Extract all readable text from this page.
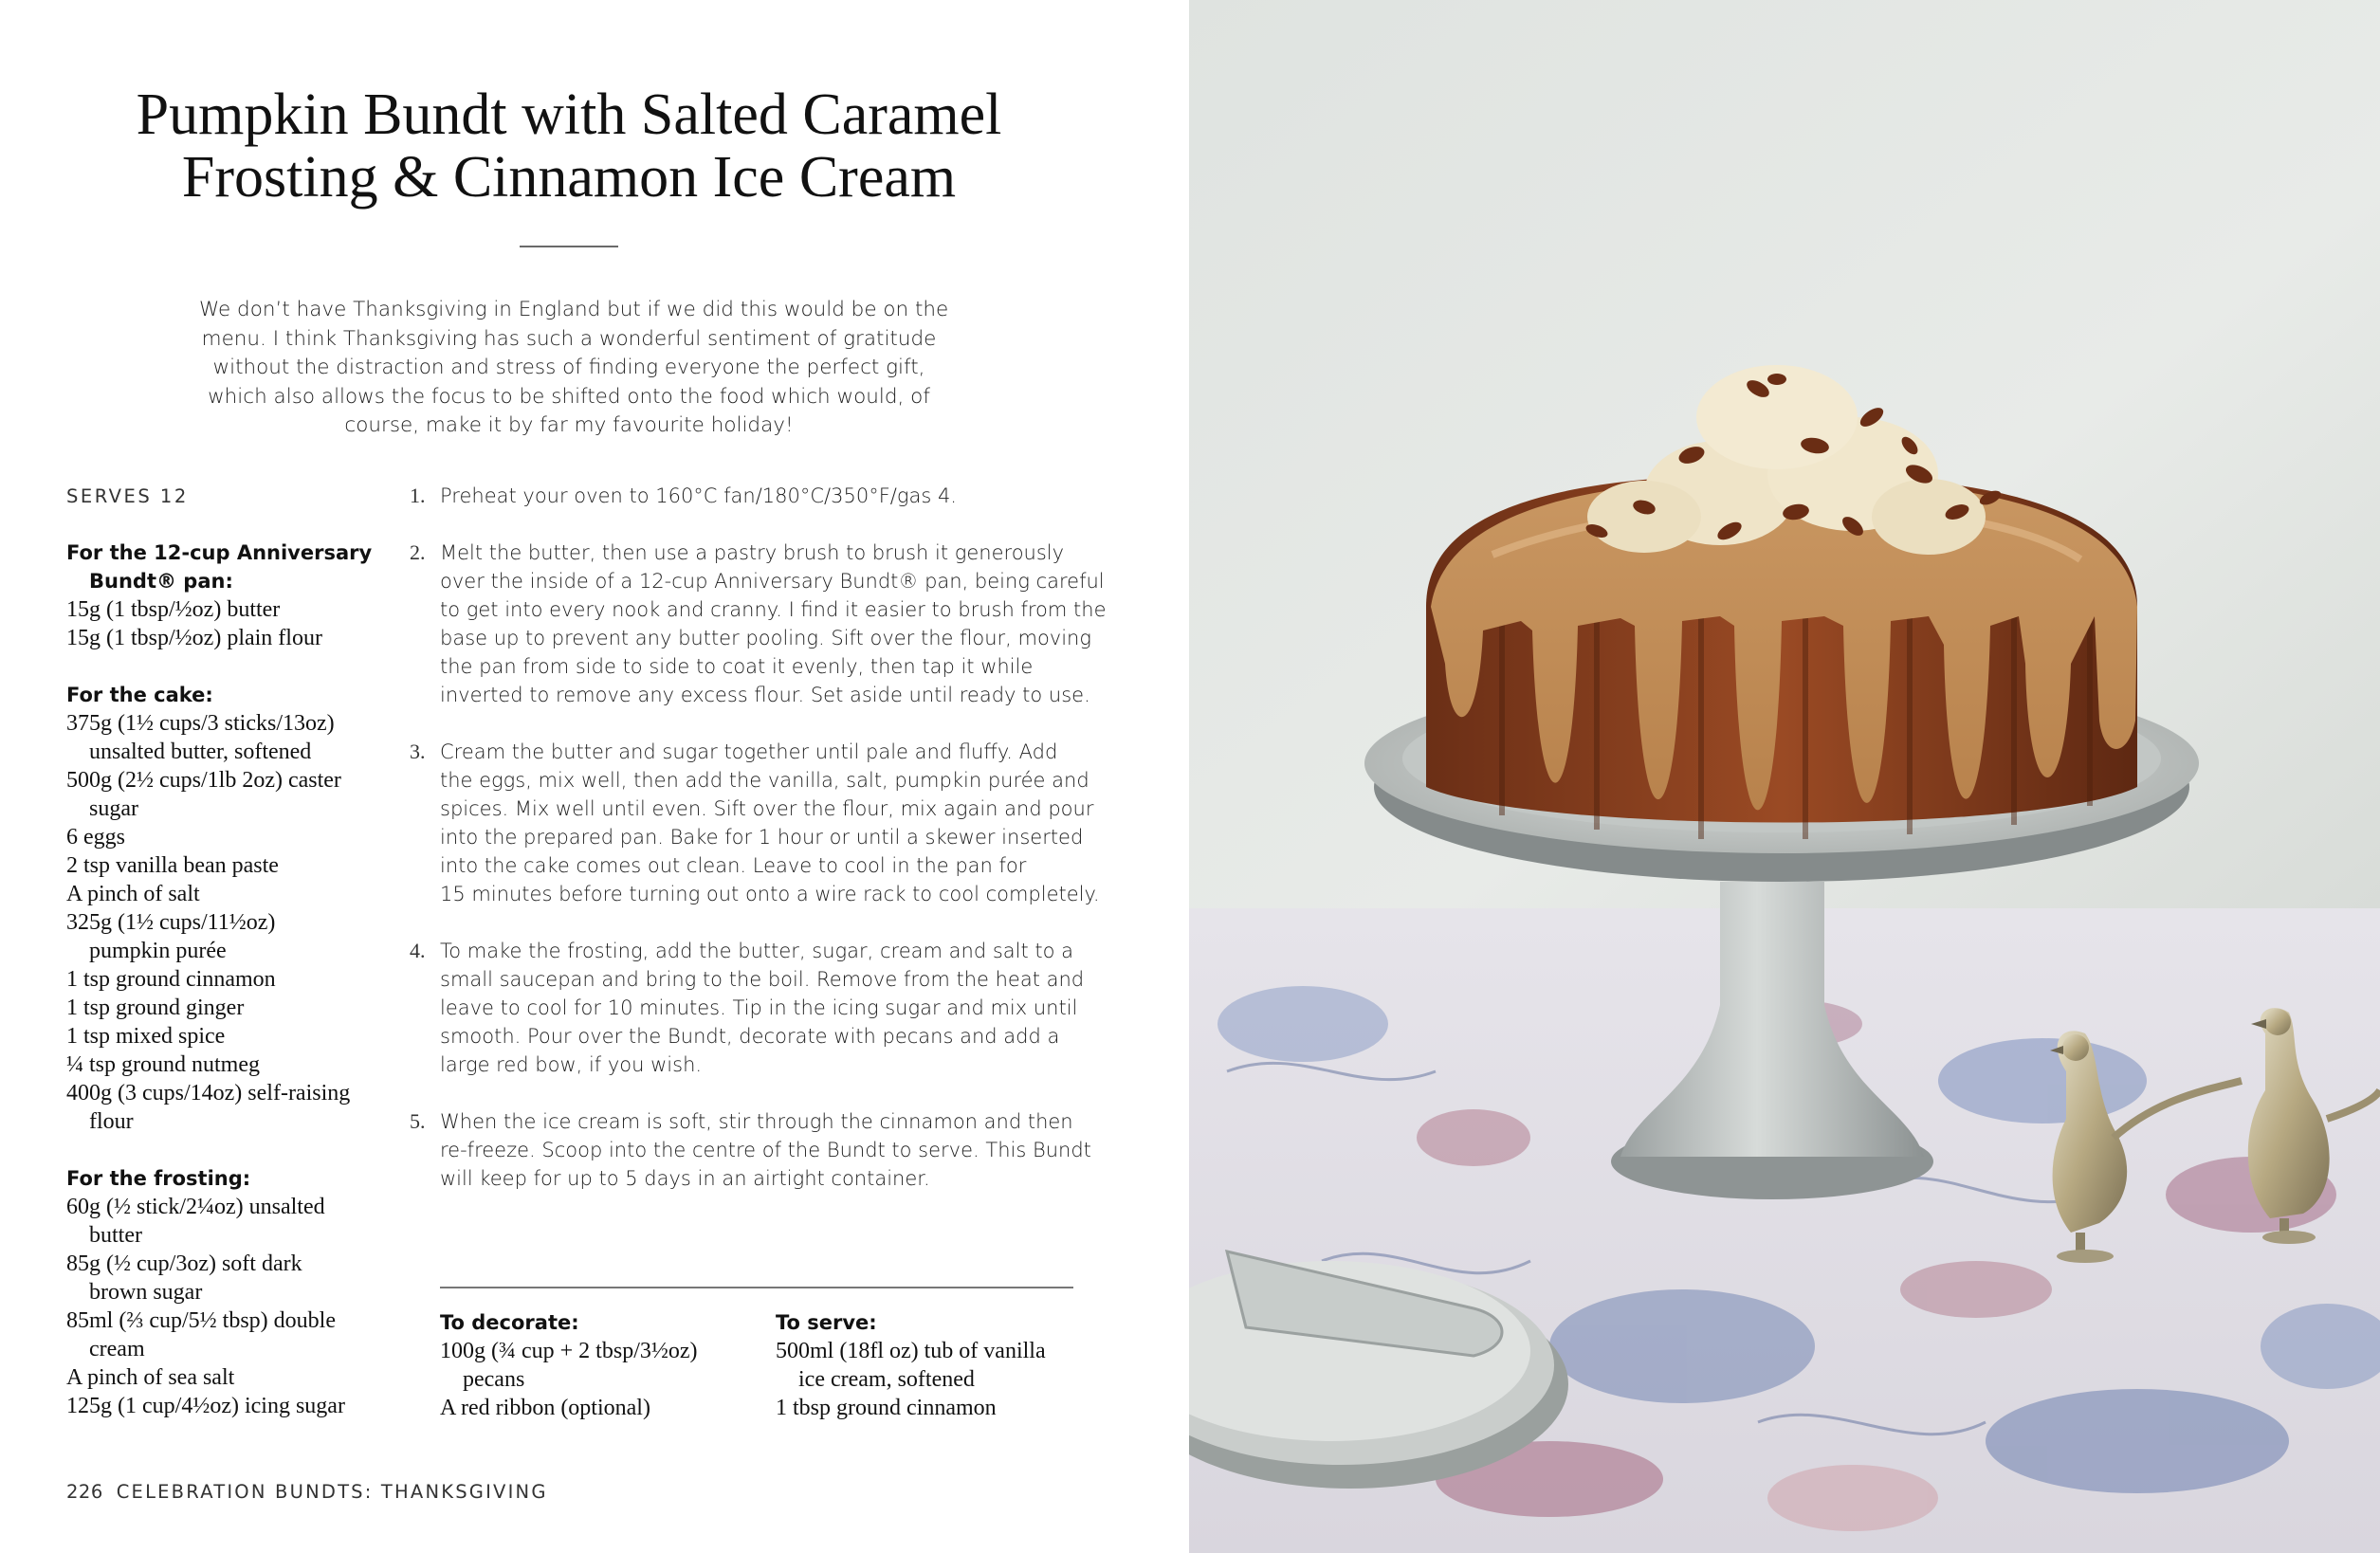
Pumpkin Bundt with Salted Caramel
Frosting & Cinnamon Ice Cream
We don’t have Thanksgiving in England but if we did this would be on the
menu. I think Thanksgiving has such a wonderful sentiment of gratitude
without the distraction and stress of finding everyone the perfect gift,
which also allows the focus to be shifted onto the food which would, of
course, make it by far my favourite holiday!
SERVES 12
For the 12-cup Anniversary
Bundt® pan:
15g (1 tbsp/½oz) butter
15g (1 tbsp/½oz) plain flour
For the cake:
375g (1½ cups/3 sticks/13oz)
unsalted butter, softened
500g (2½ cups/1lb 2oz) caster
sugar
6 eggs
2 tsp vanilla bean paste
A pinch of salt
325g (1½ cups/11½oz)
pumpkin purée
1 tsp ground cinnamon
1 tsp ground ginger
1 tsp mixed spice
¼ tsp ground nutmeg
400g (3 cups/14oz) self-raising
flour
For the frosting:
60g (½ stick/2¼oz) unsalted
butter
85g (½ cup/3oz) soft dark
brown sugar
85ml (⅔ cup/5½ tbsp) double
cream
A pinch of sea salt
125g (1 cup/4½oz) icing sugar
1. Preheat your oven to 160°C fan/180°C/350°F/gas 4.
2. Melt the butter, then use a pastry brush to brush it generously
over the inside of a 12-cup Anniversary Bundt® pan, being careful
to get into every nook and cranny. I find it easier to brush from the
base up to prevent any butter pooling. Sift over the flour, moving
the pan from side to side to coat it evenly, then tap it while
inverted to remove any excess flour. Set aside until ready to use.
3. Cream the butter and sugar together until pale and fluffy. Add
the eggs, mix well, then add the vanilla, salt, pumpkin purée and
spices. Mix well until even. Sift over the flour, mix again and pour
into the prepared pan. Bake for 1 hour or until a skewer inserted
into the cake comes out clean. Leave to cool in the pan for
15 minutes before turning out onto a wire rack to cool completely.
4. To make the frosting, add the butter, sugar, cream and salt to a
small saucepan and bring to the boil. Remove from the heat and
leave to cool for 10 minutes. Tip in the icing sugar and mix until
smooth. Pour over the Bundt, decorate with pecans and add a
large red bow, if you wish.
5. When the ice cream is soft, stir through the cinnamon and then
re-freeze. Scoop into the centre of the Bundt to serve. This Bundt
will keep for up to 5 days in an airtight container.
To decorate:
100g (¾ cup + 2 tbsp/3½oz)
pecans
A red ribbon (optional)
To serve:
500ml (18fl oz) tub of vanilla
ice cream, softened
1 tbsp ground cinnamon
226 CELEBRATION BUNDTS: THANKSGIVING
